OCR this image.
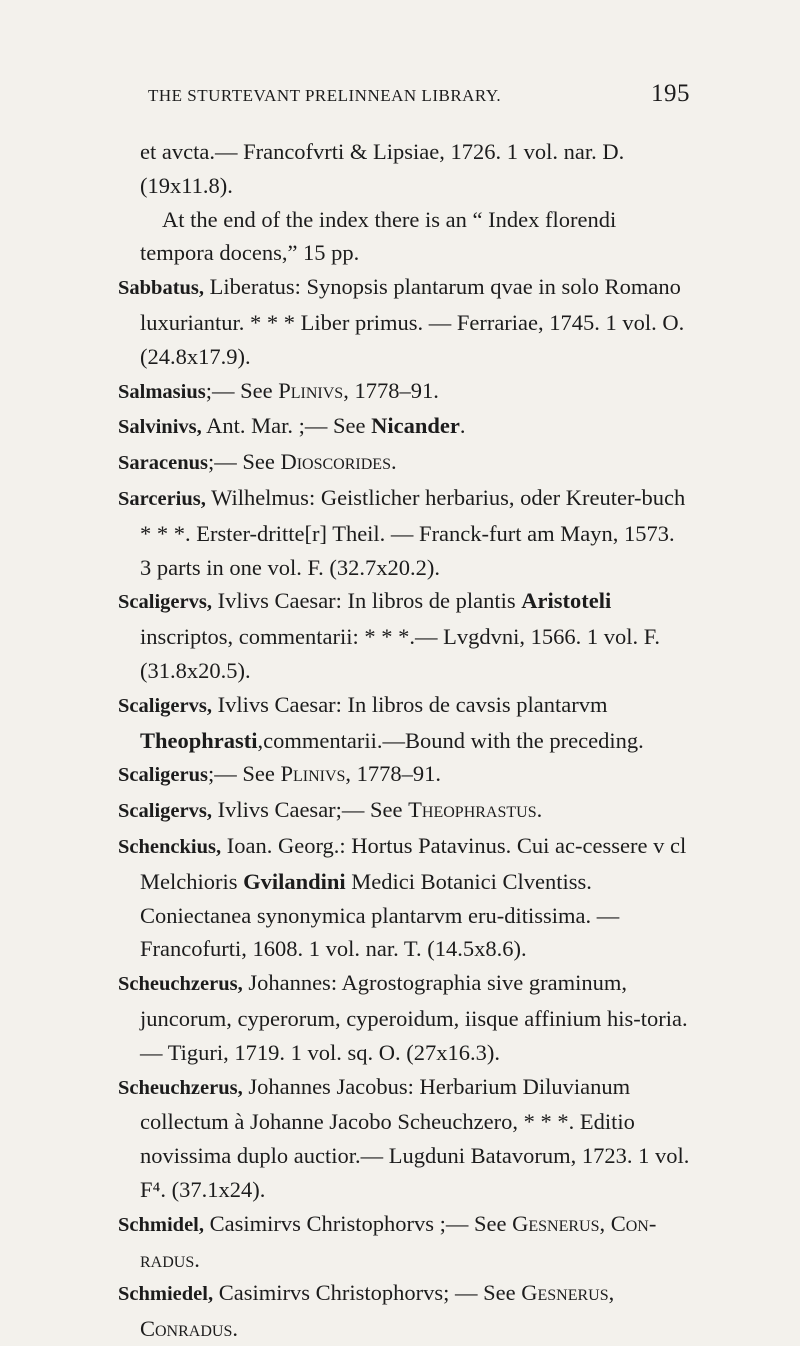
THE STURTEVANT PRELINNEAN LIBRARY.	195

et avcta.— Francofvrti & Lipsiae, 1726. 1 vol. nar. D. (19x11.8).

At the end of the index there is an “ Index florendi tempora docens,” 15 pp.

Sabbatus, Liberatus: Synopsis plantarum qvae in solo Romano luxuriantur. * * * Liber primus. — Ferrariae, 1745. 1 vol. O. (24.8x17.9).

Salmasius;— See Plinivs, 1778–91.

Salvinivs, Ant. Mar. ;— See Nicander.

Saracenus;— See Dioscorides.

Sarcerius, Wilhelmus: Geistlicher herbarius, oder Kreuter-buch * * *. Erster-dritte[r] Theil. — Franck-furt am Mayn, 1573. 3 parts in one vol. F. (32.7x20.2).

Scaligervs, Ivlivs Caesar: In libros de plantis Aristoteli inscriptos, commentarii: * * *.— Lvgdvni, 1566. 1 vol. F. (31.8x20.5).

Scaligervs, Ivlivs Caesar: In libros de cavsis plantarvm Theophrasti,commentarii.—Bound with the preceding.

Scaligerus;— See Plinivs, 1778–91.

Scaligervs, Ivlivs Caesar;— See Theophrastus.

Schenckius, Ioan. Georg.: Hortus Patavinus. Cui ac-cessere v cl Melchioris Gvilandini Medici Botanici Clventiss. Coniectanea synonymica plantarvm eru-ditissima. — Francofurti, 1608. 1 vol. nar. T. (14.5x8.6).

Scheuchzerus, Johannes: Agrostographia sive graminum, juncorum, cyperorum, cyperoidum, iisque affinium his-toria.— Tiguri, 1719. 1 vol. sq. O. (27x16.3).

Scheuchzerus, Johannes Jacobus: Herbarium Diluvianum collectum à Johanne Jacobo Scheuchzero, * * *. Editio novissima duplo auctior.— Lugduni Batavorum, 1723. 1 vol. F⁴. (37.1x24).

Schmidel, Casimirvs Christophorvs ;— See Gesnerus, Con-radus.

Schmiedel, Casimirvs Christophorvs; — See Gesnerus, Conradus.
